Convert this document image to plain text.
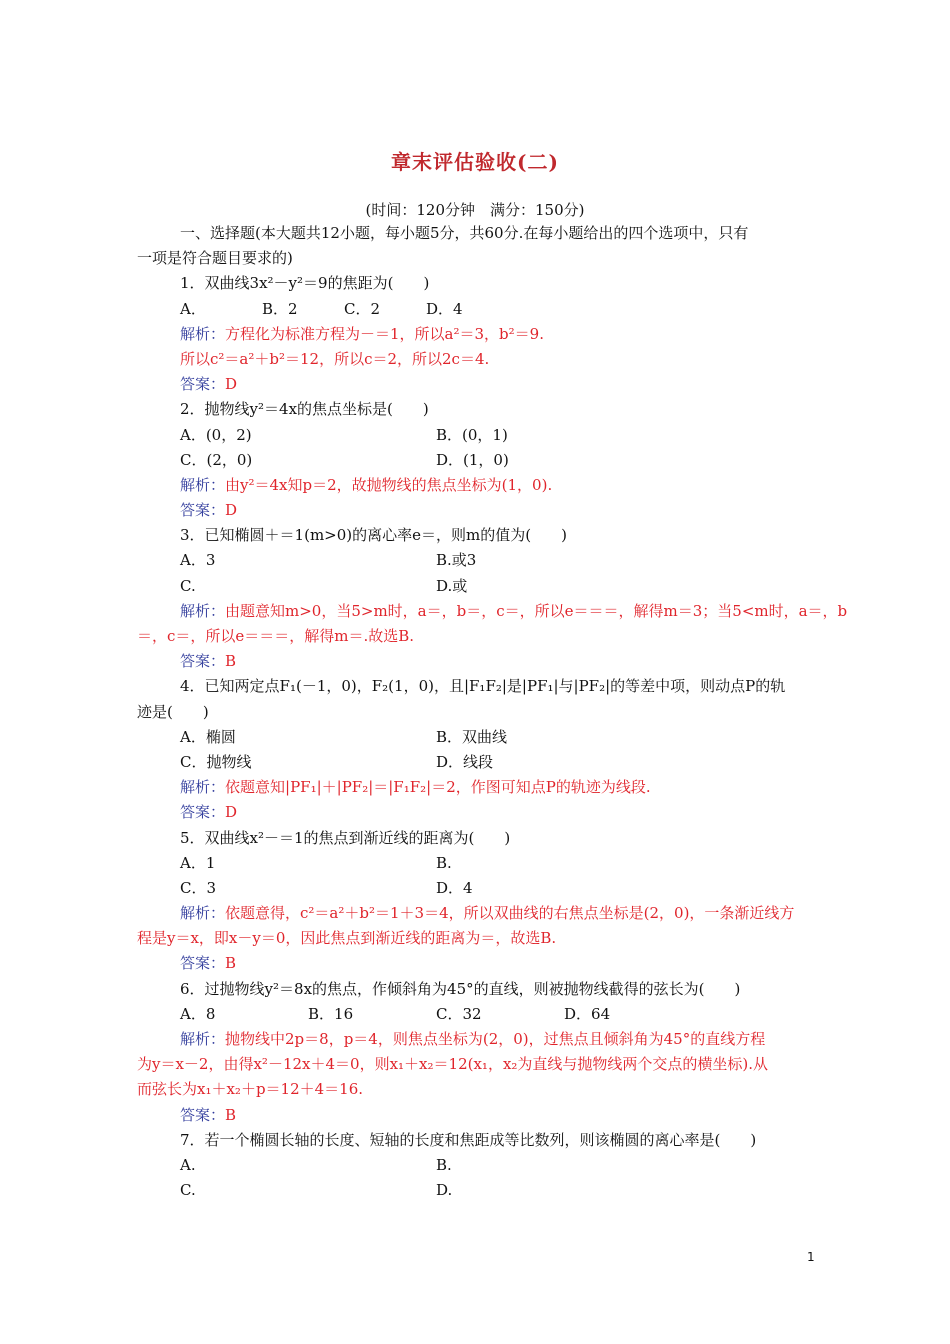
章末评估验收(二)
(时间：120分钟　满分：150分)
一、选择题(本大题共12小题，每小题5分，共60分.在每小题给出的四个选项中，只有
一项是符合题目要求的)
1．双曲线3x²－y²＝9的焦距为(　　)
A．	B．2	C．2	D．4
解析：方程化为标准方程为－＝1，所以a²＝3，b²＝9.
所以c²＝a²＋b²＝12，所以c＝2，所以2c＝4.
答案：D
2．抛物线y²＝4x的焦点坐标是(　　)
A．(0，2)	B．(0，1)
C．(2，0)	D．(1，0)
解析：由y²＝4x知p＝2，故抛物线的焦点坐标为(1，0).
答案：D
3．已知椭圆＋＝1(m>0)的离心率e＝，则m的值为(　　)
A．3	B.或3
C.	D.或
解析：由题意知m>0，当5>m时，a＝，b＝，c＝，所以e＝＝＝，解得m＝3；当5<m时，a＝，b
＝，c＝，所以e＝＝＝，解得m＝.故选B.
答案：B
4．已知两定点F₁(－1，0)，F₂(1，0)，且|F₁F₂|是|PF₁|与|PF₂|的等差中项，则动点P的轨
迹是(　　)
A．椭圆	B．双曲线
C．抛物线	D．线段
解析：依题意知|PF₁|＋|PF₂|＝|F₁F₂|＝2，作图可知点P的轨迹为线段.
答案：D
5．双曲线x²－＝1的焦点到渐近线的距离为(　　)
A．1	B.
C．3	D．4
解析：依题意得，c²＝a²＋b²＝1＋3＝4，所以双曲线的右焦点坐标是(2，0)，一条渐近线方
程是y＝x，即x－y＝0，因此焦点到渐近线的距离为＝，故选B.
答案：B
6．过抛物线y²＝8x的焦点，作倾斜角为45°的直线，则被抛物线截得的弦长为(　　)
A．8	B．16	C．32	D．64
解析：抛物线中2p＝8，p＝4，则焦点坐标为(2，0)，过焦点且倾斜角为45°的直线方程
为y＝x－2，由得x²－12x＋4＝0，则x₁＋x₂＝12(x₁，x₂为直线与抛物线两个交点的横坐标).从
而弦长为x₁＋x₂＋p＝12＋4＝16.
答案：B
7．若一个椭圆长轴的长度、短轴的长度和焦距成等比数列，则该椭圆的离心率是(　　)
A.	B.
C.	D.
1
